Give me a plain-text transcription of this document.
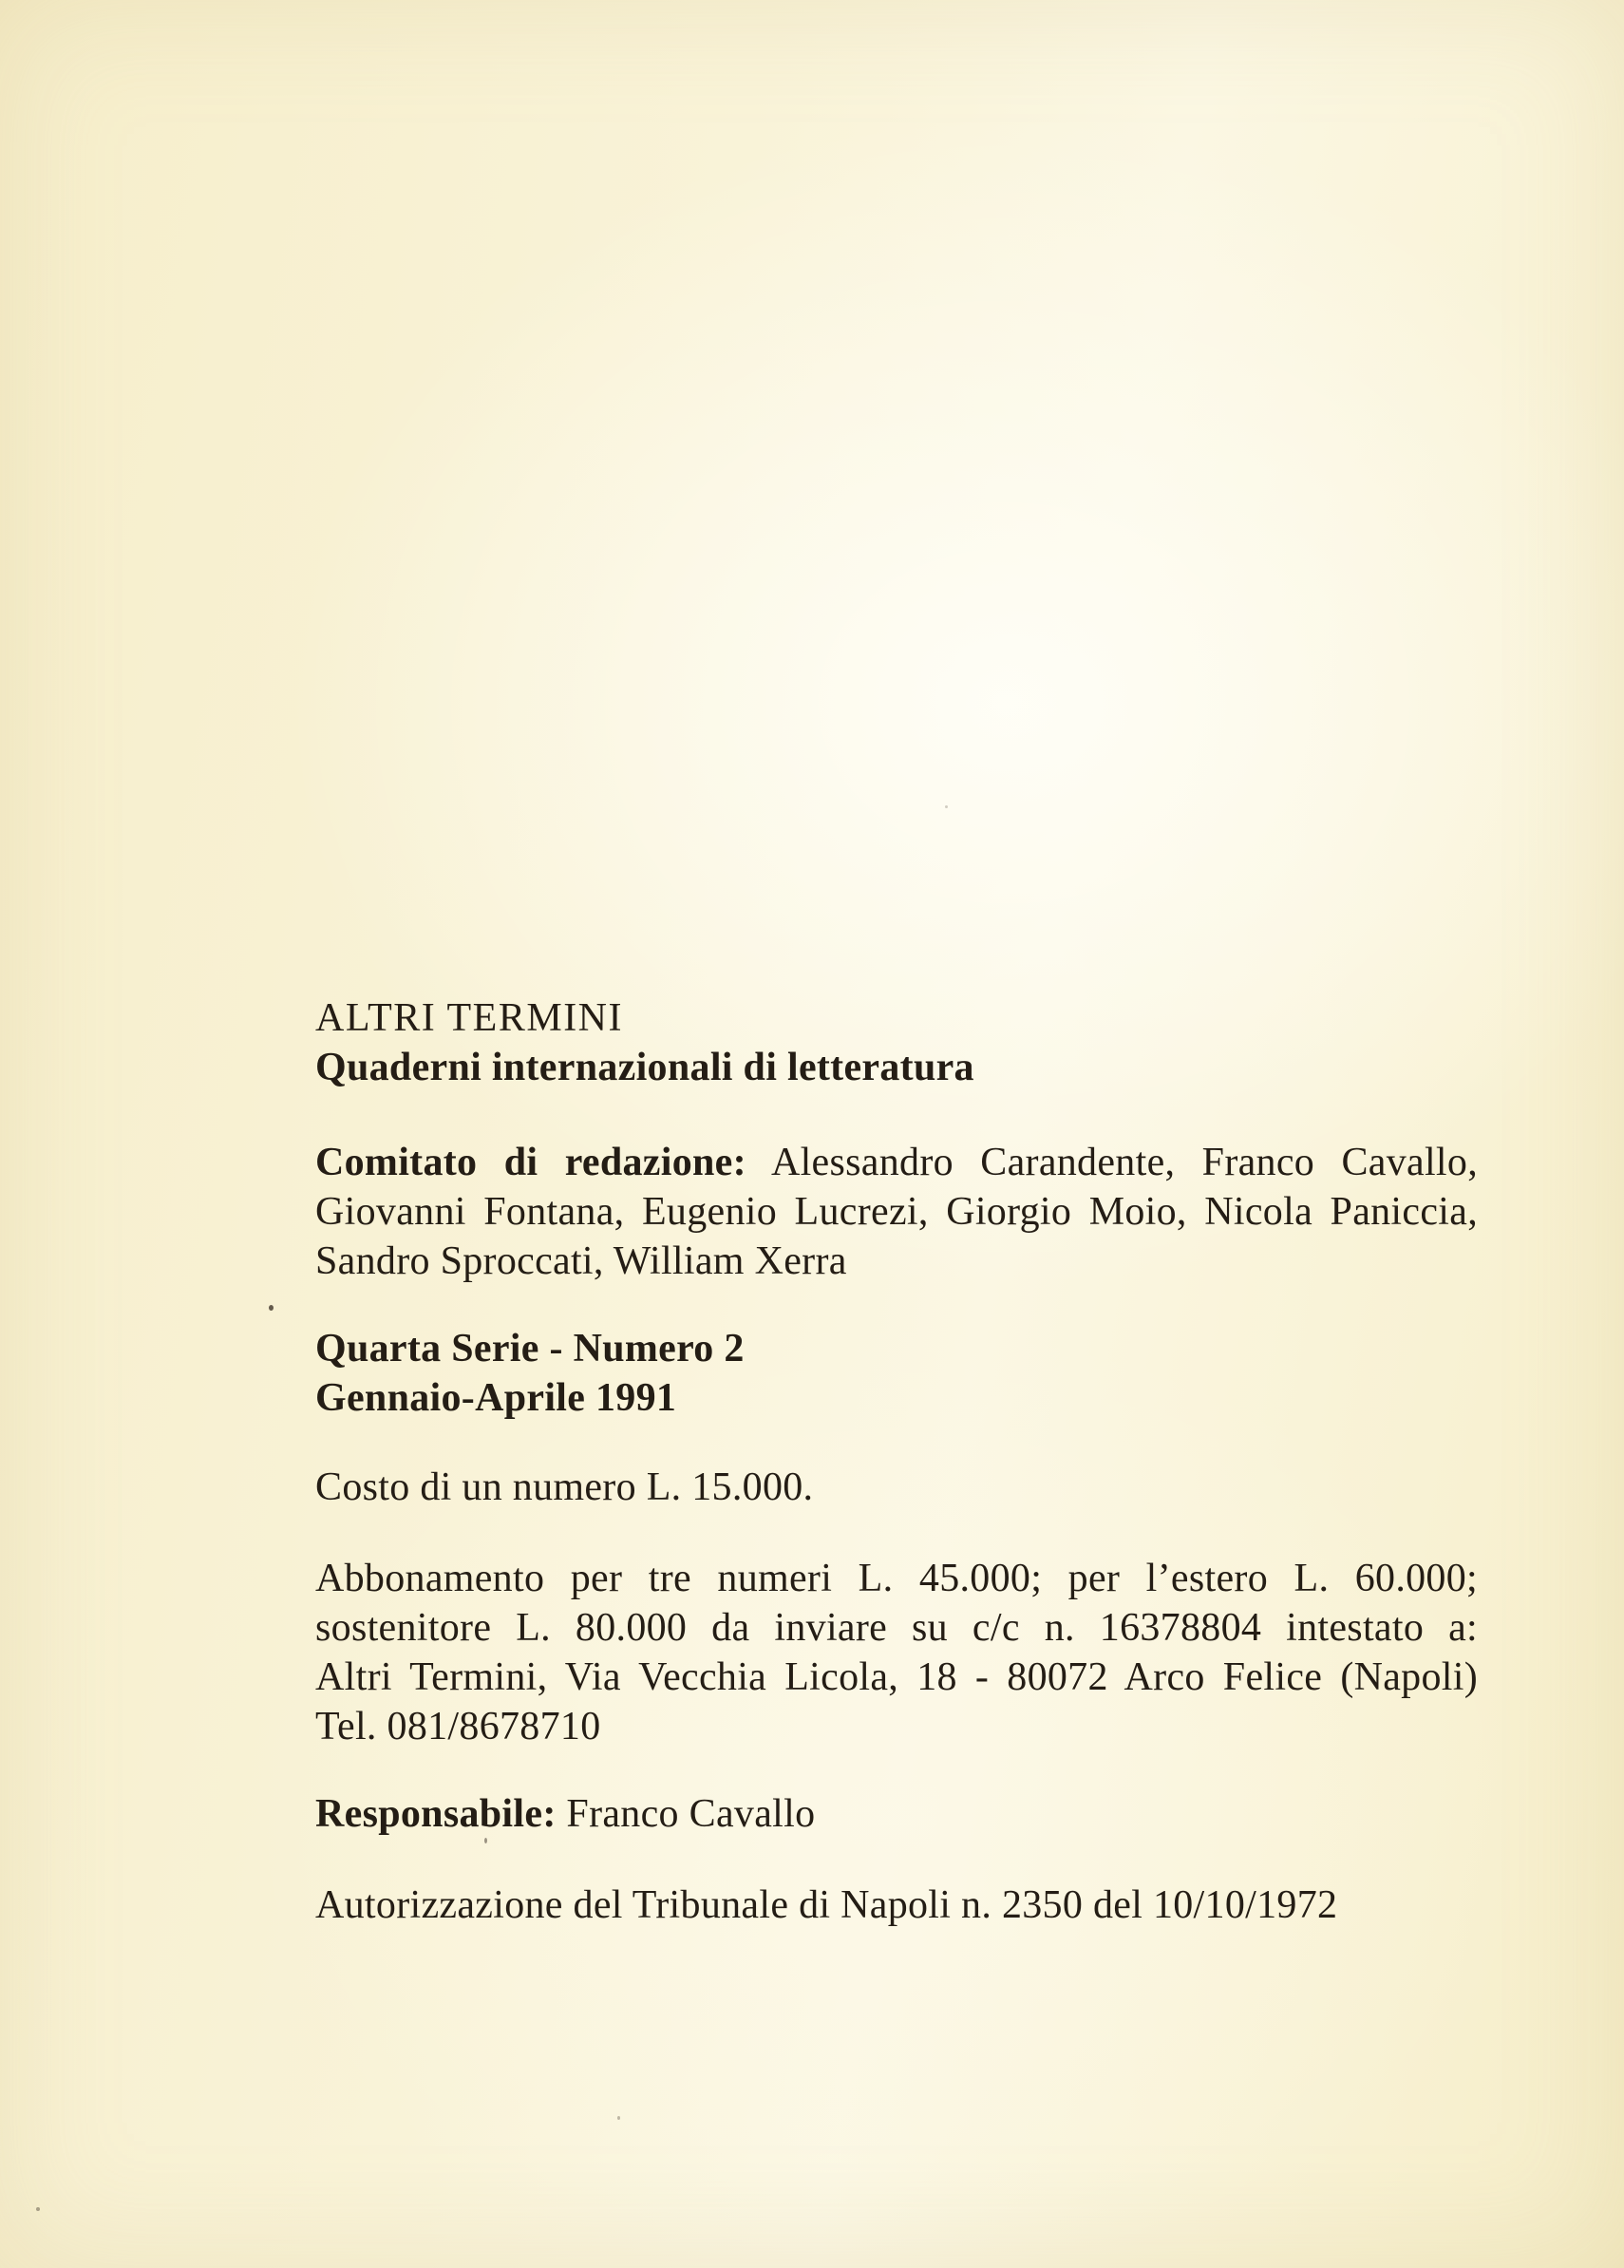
ALTRI TERMINI
Quaderni internazionali di letteratura
Comitato di redazione: Alessandro Carandente, Franco Cavallo,
Giovanni Fontana, Eugenio Lucrezi, Giorgio Moio, Nicola Paniccia,
Sandro Sproccati, William Xerra
Quarta Serie - Numero 2
Gennaio-Aprile 1991
Costo di un numero L. 15.000.
Abbonamento per tre numeri L. 45.000; per l’estero L. 60.000;
sostenitore L. 80.000 da inviare su c/c n. 16378804 intestato a:
Altri Termini, Via Vecchia Licola, 18 - 80072 Arco Felice (Napoli)
Tel. 081/8678710
Responsabile: Franco Cavallo
Autorizzazione del Tribunale di Napoli n. 2350 del 10/10/1972
